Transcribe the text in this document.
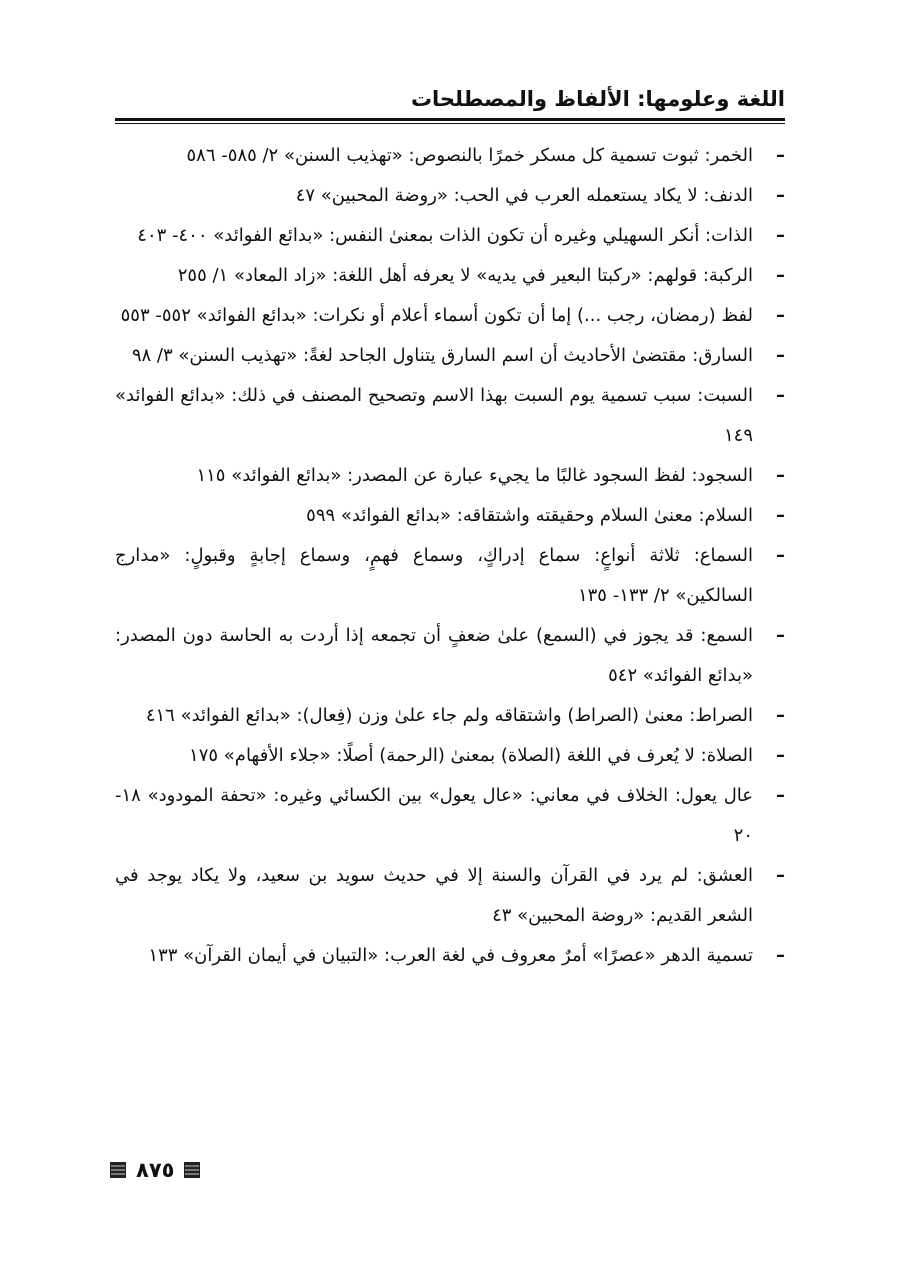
اللغة وعلومها: الألفاظ والمصطلحات
–
الخمر: ثبوت تسمية كل مسكر خمرًا بالنصوص: «تهذيب السنن» ٢/ ٥٨٥- ٥٨٦
–
الدنف: لا يكاد يستعمله العرب في الحب: «روضة المحبين» ٤٧
–
الذات: أنكر السهيلي وغيره أن تكون الذات بمعنىٰ النفس: «بدائع الفوائد» ٤٠٠- ٤٠٣
–
الركبة: قولهم: «ركبتا البعير في يديه» لا يعرفه أهل اللغة: «زاد المعاد» ١/ ٢٥٥
–
لفظ (رمضان، رجب ...) إما أن تكون أسماء أعلام أو نكرات: «بدائع الفوائد» ٥٥٢- ٥٥٣
–
السارق: مقتضىٰ الأحاديث أن اسم السارق يتناول الجاحد لغةً: «تهذيب السنن» ٣/ ٩٨
–
السبت: سبب تسمية يوم السبت بهذا الاسم وتصحيح المصنف في ذلك: «بدائع الفوائد» ١٤٩
–
السجود: لفظ السجود غالبًا ما يجيء عبارة عن المصدر: «بدائع الفوائد» ١١٥
–
السلام: معنىٰ السلام وحقيقته واشتقاقه: «بدائع الفوائد» ٥٩٩
–
السماع: ثلاثة أنواعٍ: سماع إدراكٍ، وسماع فهمٍ، وسماع إجابةٍ وقبولٍ: «مدارج السالكين» ٢/ ١٣٣- ١٣٥
–
السمع: قد يجوز في (السمع) علىٰ ضعفٍ أن تجمعه إذا أردت به الحاسة دون المصدر: «بدائع الفوائد» ٥٤٢
–
الصراط: معنىٰ (الصراط) واشتقاقه ولم جاء علىٰ وزن (فِعال): «بدائع الفوائد» ٤١٦
–
الصلاة: لا يُعرف في اللغة (الصلاة) بمعنىٰ (الرحمة) أصلًا: «جلاء الأفهام» ١٧٥
–
عال يعول: الخلاف في معاني: «عال يعول» بين الكسائي وغيره: «تحفة المودود» ١٨- ٢٠
–
العشق: لم يرد في القرآن والسنة إلا في حديث سويد بن سعيد، ولا يكاد يوجد في الشعر القديم: «روضة المحبين» ٤٣
–
تسمية الدهر «عصرًا» أمرٌ معروف في لغة العرب: «التبيان في أيمان القرآن» ١٣٣
٨٧٥
